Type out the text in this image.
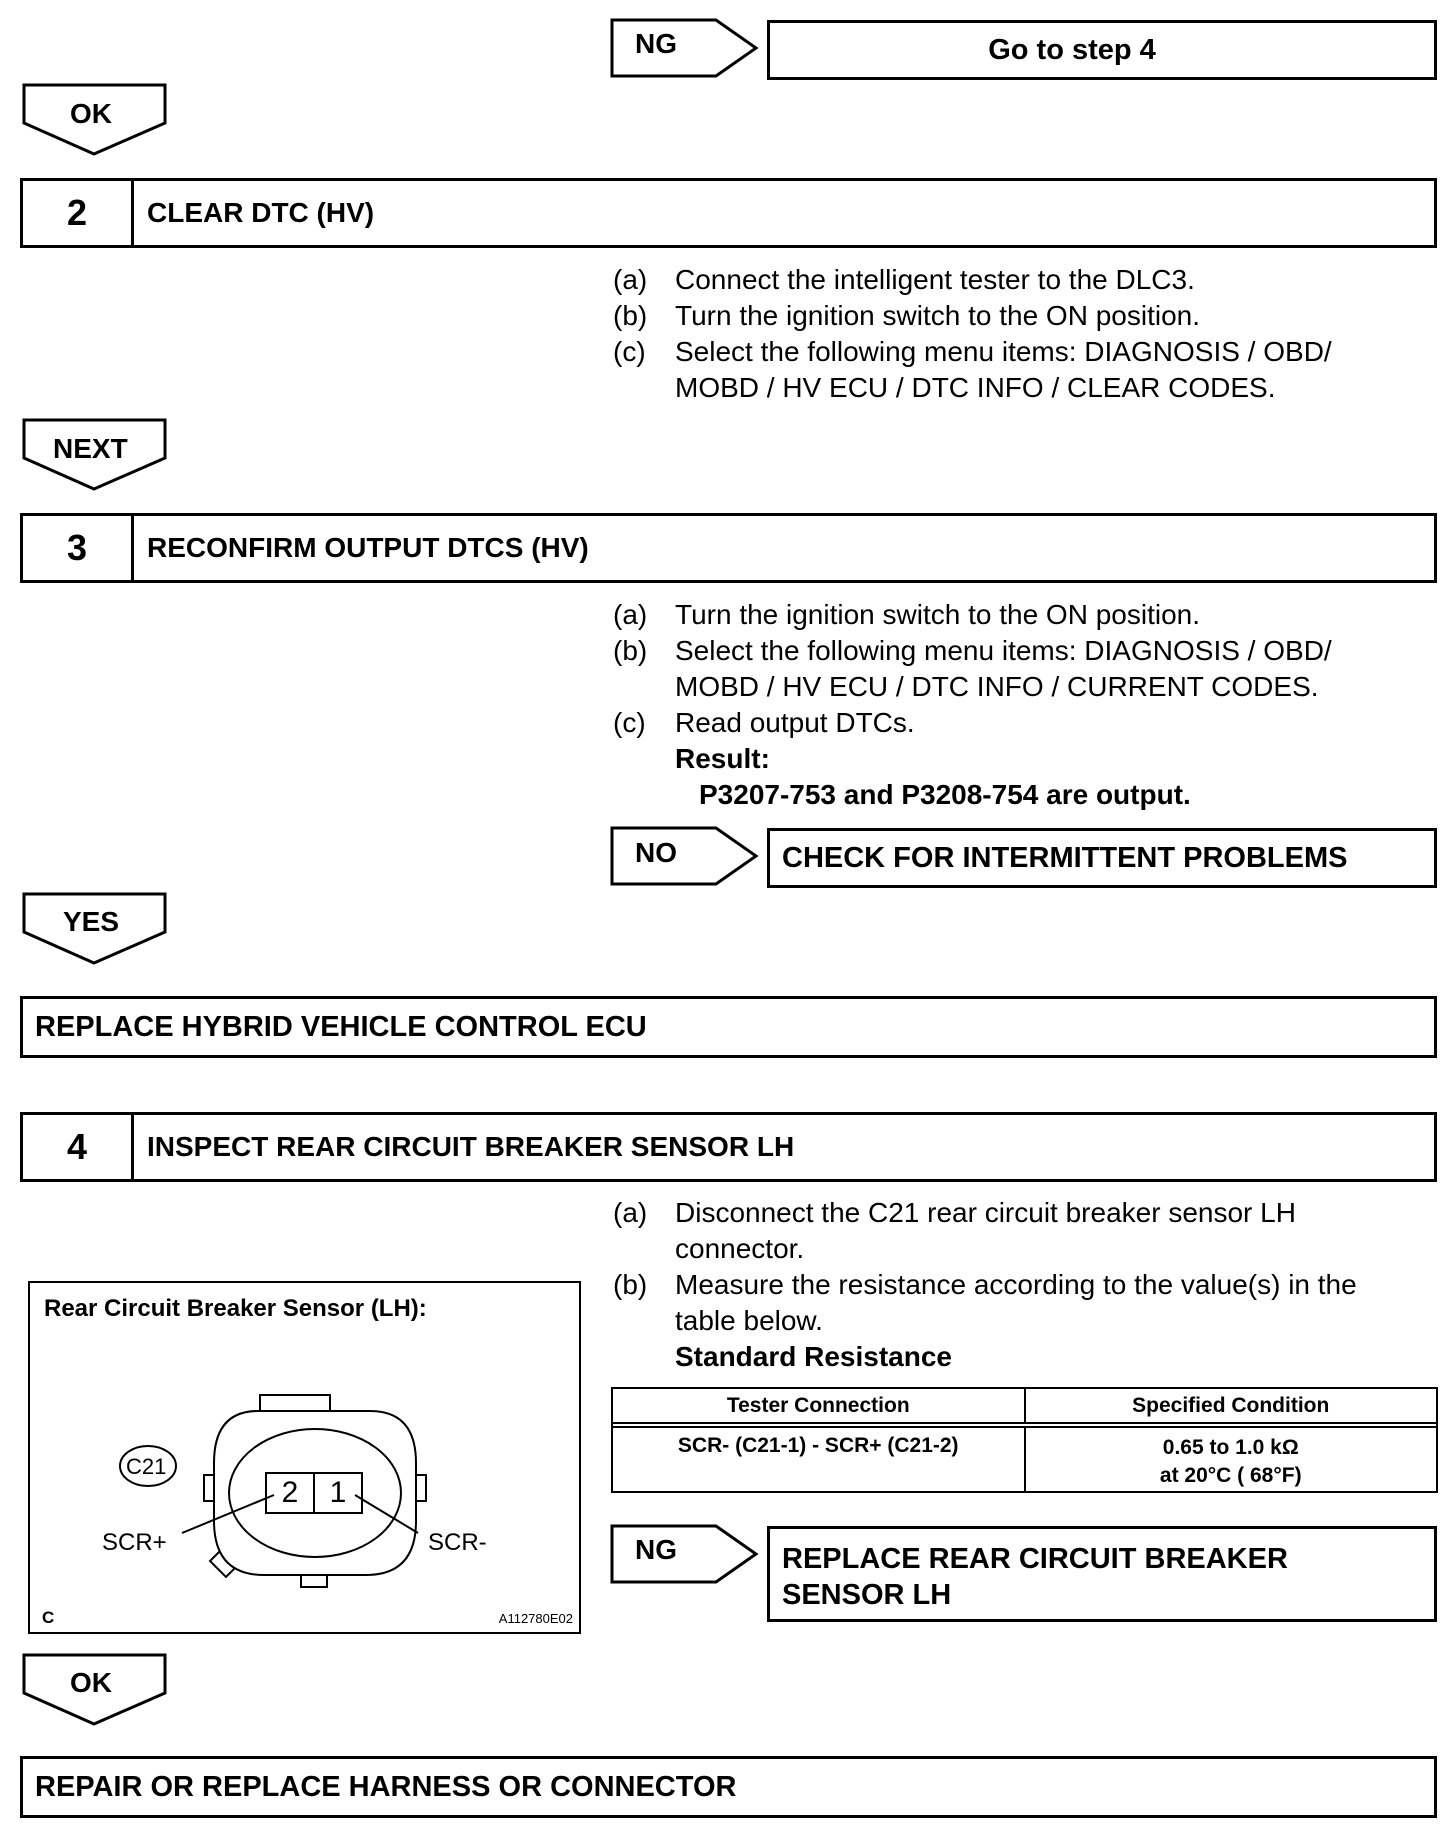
NG	Go to step 4
OK
2	CLEAR DTC (HV)
(a) Connect the intelligent tester to the DLC3.
(b) Turn the ignition switch to the ON position.
(c)	Select the following menu items: DIAGNOSIS / OBD/
MOBD / HV ECU / DTC INFO / CLEAR CODES.
NEXT
3	RECONFIRM OUTPUT DTCS (HV)
(a) Turn the ignition switch to the ON position.
(b) Select the following menu items: DIAGNOSIS / OBD/
MOBD / HV ECU / DTC INFO / CURRENT CODES.
(c)	Read output DTCs.
Result:
P3207-753 and P3208-754 are output.
NO	CHECK FOR INTERMITTENT PROBLEMS
YES
REPLACE HYBRID VEHICLE CONTROL ECU
4	INSPECT REAR CIRCUIT BREAKER SENSOR LH
(a) Disconnect the C21 rear circuit breaker sensor LH
connector.
(b) Measure the resistance according to the value(s) in the
table below.
Standard Resistance
Tester Connection	Specified Condition

SCR- (C21-1) - SCR+ (C21-2)	0.65 to 1.0 kΩ
at 20°C ( 68°F)
Rear Circuit Breaker Sensor (LH):
C21
2	1
SCR+	SCR-
C	A112780E02
NG	REPLACE REAR CIRCUIT BREAKER
SENSOR LH
OK
REPAIR OR REPLACE HARNESS OR CONNECTOR
